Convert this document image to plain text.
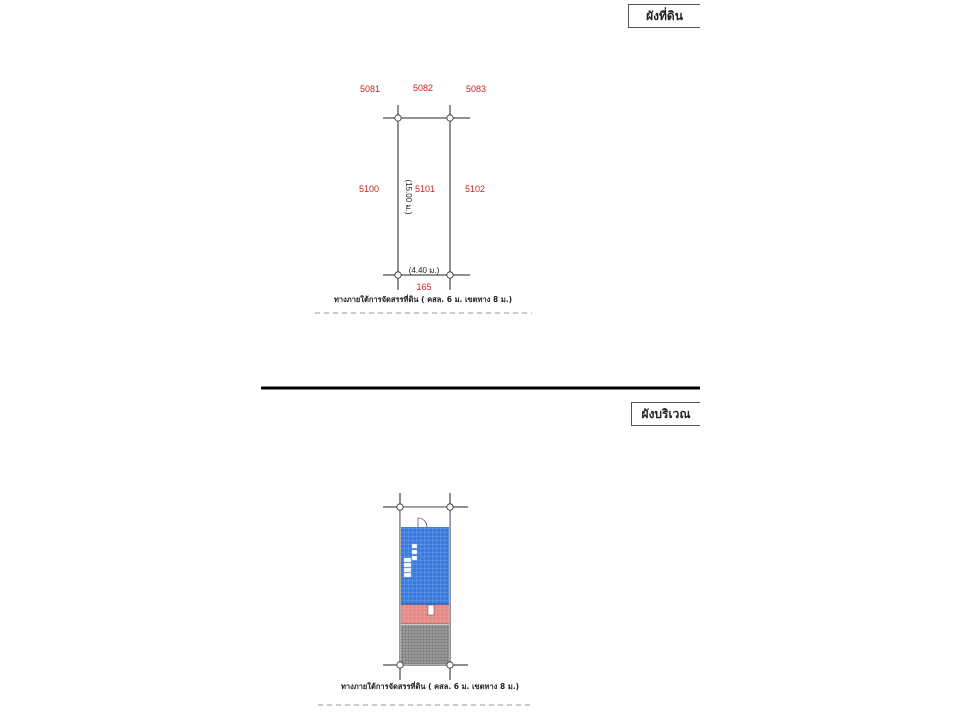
ผังที่ดิน
ผังบริเวณ
5081	5082	5083
5100	5101	5102
165
(15.00 ม.)
(4.40 ม.)
ทางภายใต้การจัดสรรที่ดิน ( คสล. 6 ม. เขตทาง 8 ม.)
ทางภายใต้การจัดสรรที่ดิน ( คสล. 6 ม. เขตทาง 8 ม.)
